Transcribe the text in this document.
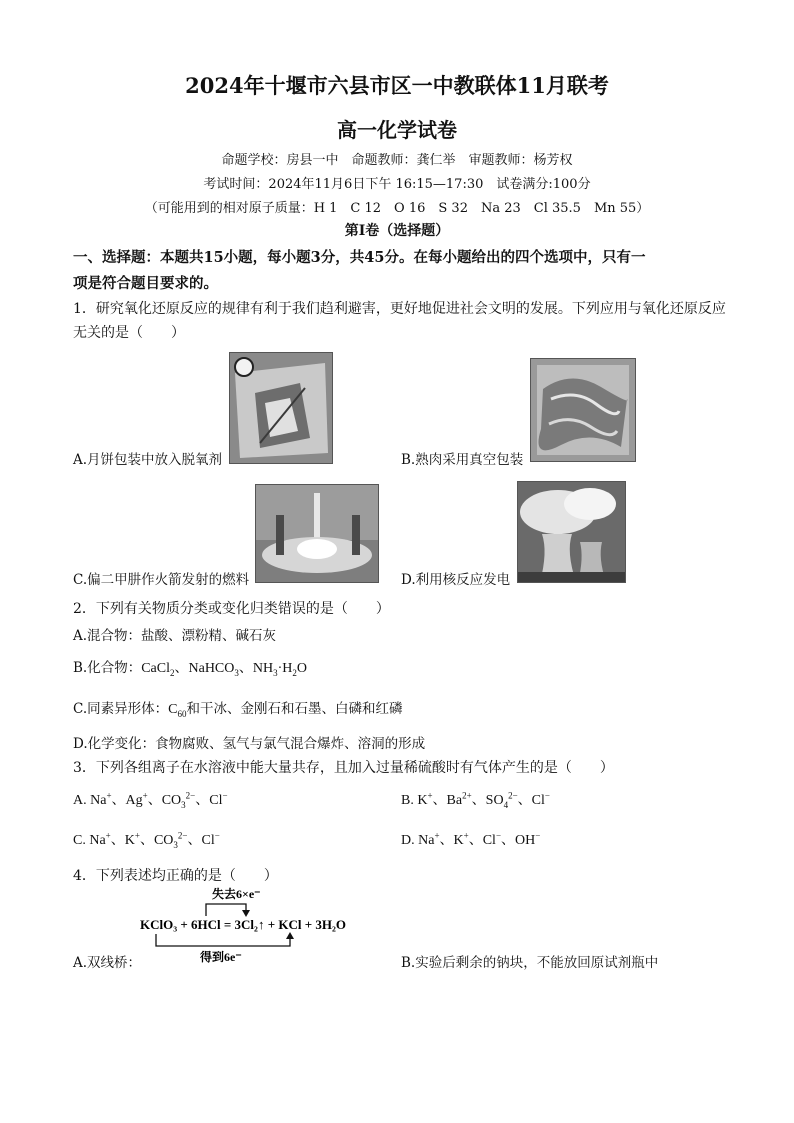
2024年十堰市六县市区一中教联体11月联考
高一化学试卷
命题学校：房县一中　命题教师：龚仁举　审题教师：杨芳权
考试时间：2024年11月6日下午 16:15—17:30　试卷满分:100分
（可能用到的相对原子质量：H 1　C 12　O 16　S 32　Na 23　Cl 35.5　Mn 55）
第Ⅰ卷（选择题）
一、选择题：本题共15小题，每小题3分，共45分。在每小题给出的四个选项中，只有一
项是符合题目要求的。
1．研究氧化还原反应的规律有利于我们趋利避害，更好地促进社会文明的发展。下列应用与氧化还原反应
无关的是（　　）
A.月饼包装中放入脱氧剂	B.熟肉采用真空包装
C.偏二甲肼作火箭发射的燃料	D.利用核反应发电
2．下列有关物质分类或变化归类错误的是（　　）
A.混合物：盐酸、漂粉精、碱石灰
B.化合物：CaCl$_2$、NaHCO$_3$、$NH_3\cdot H_2O$
C.同素异形体：$C_{60}$和干冰、金刚石和石墨、白磷和红磷
D.化学变化：食物腐败、氢气与氯气混合爆炸、溶洞的形成
3．下列各组离子在水溶液中能大量共存，且加入过量稀硫酸时有气体产生的是（　　）
A. Na+、Ag+、$CO_3^{2-}$、Cl−	B. K+、$Ba^{2+}$、$SO_4^{2-}$、Cl−
C. Na+、K+、$CO_3^{2-}$、Cl−	D. Na+、K+、Cl−、OH−
4．下列表述均正确的是（　　）
失去6×e⁻
KClO₃ + 6HCl = 3Cl₂↑ + KCl + 3H₂O
得到6e⁻
A.双线桥：	B.实验后剩余的钠块，不能放回原试剂瓶中
